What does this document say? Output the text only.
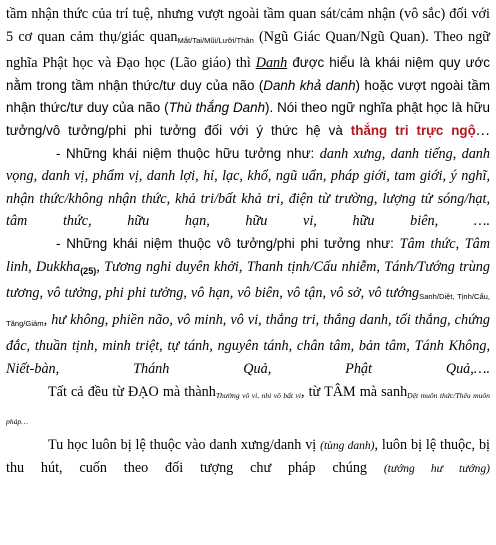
tầm nhận thức của trí tuệ, nhưng vượt ngoài tầm quan sát/cảm nhận (vô sắc) đối với 5 cơ quan cảm thụ/giác quan$_{Mắt/Tai/Mũi/Lưỡi/Thân}$ (Ngũ Giác Quan/Ngũ Quan). Theo ngữ nghĩa Phật học và Đạo học (Lão giáo) thì Danh được hiểu là khái niệm quy ước nằm trong tầm nhận thức/tư duy của não (Danh khả danh) hoặc vượt ngoài tầm nhận thức/tư duy của não (Thù thắng Danh). Nói theo ngữ nghĩa phật học là hữu tưởng/vô tưởng/phi phi tưởng đối với ý thức hệ và thắng tri trực ngộ…

- Những khái niệm thuộc hữu tưởng như: danh xưng, danh tiếng, danh vọng, danh vị, phẩm vị, danh lợi, hỉ, lạc, khổ, ngũ uẩn, pháp giới, tam giới, ý nghĩ, nhận thức/không nhận thức, khả tri/bất khả tri, điện từ trường, lượng tử sóng/hạt, tâm thức, hữu hạn, hữu vi, hữu biên, ….

- Những khái niệm thuộc vô tưởng/phi phi tưởng như: Tâm thức, Tâm linh, Dukkha$_{(25)}$, Tương nghi duyên khởi, Thanh tịnh/Cấu nhiễm, Tánh/Tướng trùng tương, vô tưởng, phi phi tưởng, vô hạn, vô biên, vô tận, vô sở, vô tướng$_{Sanh/Diệt, Tịnh/Cấu, Tăng/Giảm}$, hư không, phiền não, vô minh, vô vi, thắng tri, thắng danh, tối thắng, chứng đắc, thuần tịnh, minh triệt, tự tánh, nguyên tánh, chân tâm, bản tâm, Tánh Không, Niết-bàn, Thánh Quả, Phật Quả,….

Tất cả đều từ ĐẠO mà thànhThường vô vi, nhi vô bất vi, từ TÂM mà sanhDệt muôn thức/Thêu muôn pháp…

Tu học luôn bị lệ thuộc vào danh xưng/danh vị (tùng danh), luôn bị lệ thuộc, bị thu hút, cuốn theo đối tượng chư pháp chúng (tướng hư tướng)
